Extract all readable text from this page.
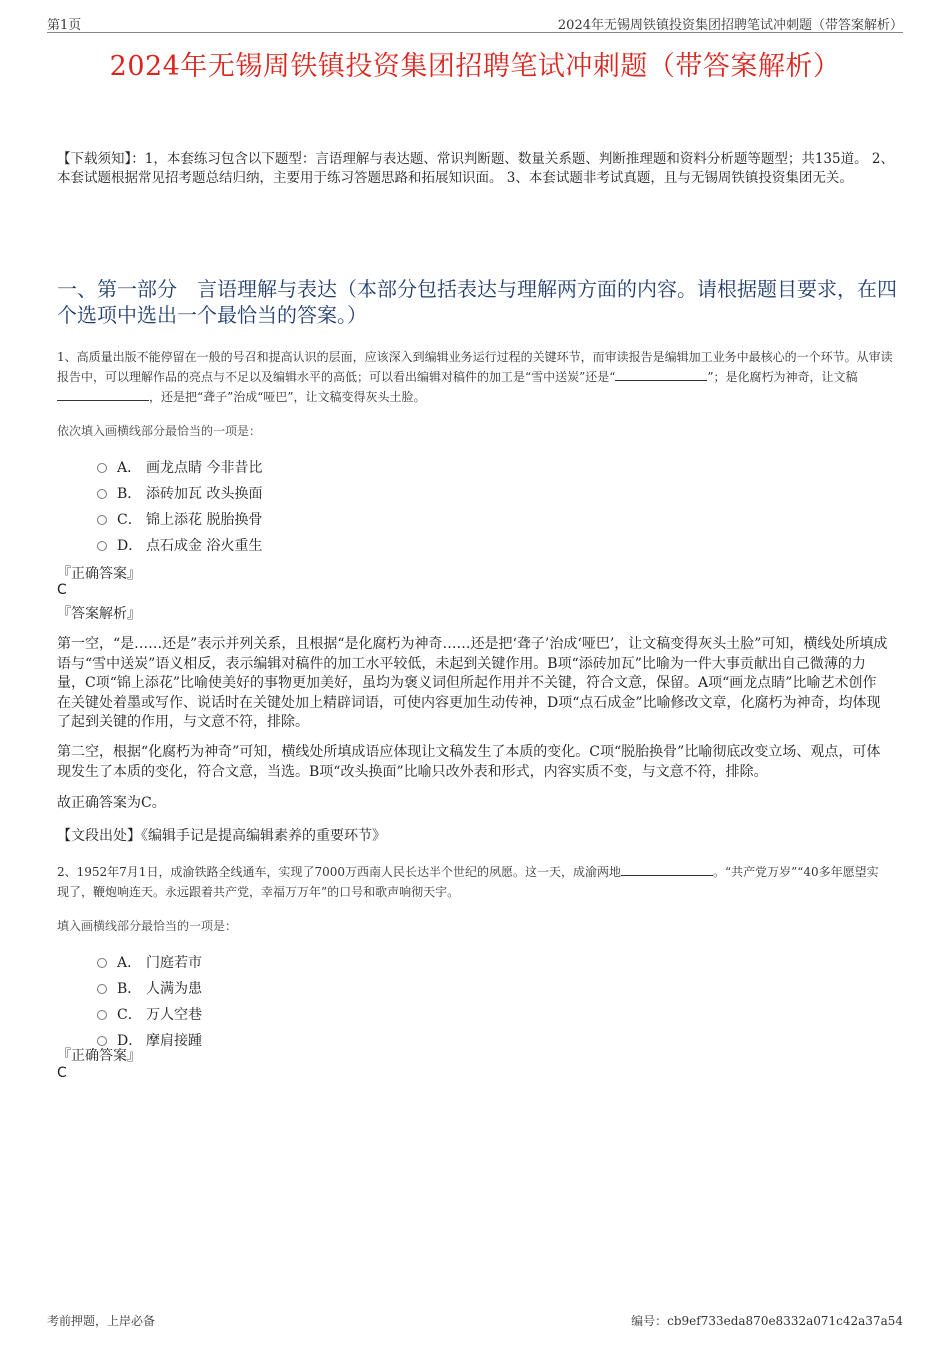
第1页	2024年无锡周铁镇投资集团招聘笔试冲刺题（带答案解析）
2024年无锡周铁镇投资集团招聘笔试冲刺题（带答案解析）
【下载须知】：1，本套练习包含以下题型：言语理解与表达题、常识判断题、数量关系题、判断推理题和资料分析题等题型；共135道。 2、本套试题根据常见招考题总结归纳，主要用于练习答题思路和拓展知识面。 3、本套试题非考试真题，且与无锡周铁镇投资集团无关。
一、第一部分　言语理解与表达（本部分包括表达与理解两方面的内容。请根据题目要求，在四个选项中选出一个最恰当的答案。）
1、高质量出版不能停留在一般的号召和提高认识的层面，应该深入到编辑业务运行过程的关键环节，而审读报告是编辑加工业务中最核心的一个环节。从审读报告中，可以理解作品的亮点与不足以及编辑水平的高低；可以看出编辑对稿件的加工是“雪中送炭”还是“	”；是化腐朽为神奇，让文稿，还是把“聋子”治成“哑巴”，让文稿变得灰头土脸。
依次填入画横线部分最恰当的一项是：
A． 画龙点睛 今非昔比
B． 添砖加瓦 改头换面
C． 锦上添花 脱胎换骨
D． 点石成金 浴火重生
『正确答案』
C
『答案解析』
第一空，“是……还是”表示并列关系，且根据“是化腐朽为神奇……还是把‘聋子’治成‘哑巴’，让文稿变得灰头土脸”可知，横线处所填成语与“雪中送炭”语义相反，表示编辑对稿件的加工水平较低，未起到关键作用。B项“添砖加瓦”比喻为一件大事贡献出自己微薄的力量，C项“锦上添花”比喻使美好的事物更加美好，虽均为褒义词但所起作用并不关键，符合文意，保留。A项“画龙点睛”比喻艺术创作在关键处着墨或写作、说话时在关键处加上精辟词语，可使内容更加生动传神，D项“点石成金”比喻修改文章，化腐朽为神奇，均体现了起到关键的作用，与文意不符，排除。
第二空，根据“化腐朽为神奇”可知，横线处所填成语应体现让文稿发生了本质的变化。C项“脱胎换骨”比喻彻底改变立场、观点，可体现发生了本质的变化，符合文意，当选。B项“改头换面”比喻只改外表和形式，内容实质不变，与文意不符，排除。
故正确答案为C。
【文段出处】《编辑手记是提高编辑素养的重要环节》
2、1952年7月1日，成渝铁路全线通车，实现了7000万西南人民长达半个世纪的夙愿。这一天，成渝两地	。“共产党万岁”“40多年愿望实现了，鞭炮响连天。永远跟着共产党，幸福万万年”的口号和歌声响彻天宇。
填入画横线部分最恰当的一项是：
A． 门庭若市
B． 人满为患
C． 万人空巷
D． 摩肩接踵
『正确答案』
C
考前押题，上岸必备	编号：cb9ef733eda870e8332a071c42a37a54
